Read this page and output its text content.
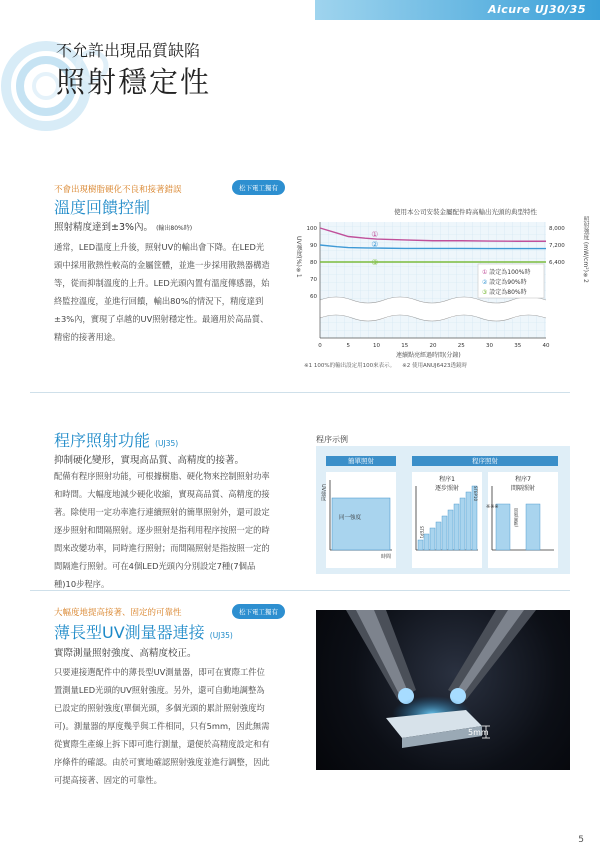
Aicure UJ30/35
不允許出現品質缺陷
照射穩定性
不會出現樹脂硬化不良和接著錯誤	松下電工獨有
溫度回饋控制
照射精度達到±3%內。 (輸出80%時)
通常，LED溫度上升後，照射UV的輸出會下降。在LED光頭中採用散熱性較高的金屬筐體，並進一步採用散熱器構造等，從而抑制溫度的上升。LED光頭內置有溫度傳感器，始終監控溫度，並進行回饋，輸出80%的情況下，精度達到±3%內，實現了卓越的UV照射穩定性。最適用於高品質、精密的接著用途。
使用本公司安裝金屬配件時高輸出光頭的典型特性
①
②
③
0	5	10	15	20	25	30	35	40
60
70
80
90
100	8,000
7,200
6,400
① 設定為100%時
② 設定為90%時
③ 設定為80%時
UV強度(%)※1
照射強度 (mW/cm²)※2
連續點亮經過時間(分鐘)
※1 100%的輸出設定用100來表示。 ※2 使用ANUJ6423透鏡時
程序照射功能 (UJ35)
抑制硬化變形，實現高品質、高精度的接著。
配備有程序照射功能，可根據樹脂、硬化物來控制照射功率和時間。大幅度地減少硬化收縮，實現高品質、高精度的接著。除使用一定功率進行連續照射的簡單照射外，還可設定逐步照射和間隔照射。逐步照射是指利用程序按照一定的時間來改變功率，同時進行照射；而間隔照射是指按照一定的間隔進行照射。可在4個LED光頭內分別設定7種(7個品種)10步程序。
程序示例
簡單照射	程序照射
程序1
逐步照射
程序7
間隔照射
UV強度
時間
同一強度
STEP1
STEP10
※※※
間隔(關斷)
大幅度地提高接著、固定的可靠性	松下電工獨有
薄長型UV測量器連接 (UJ35)
實際測量照射強度、高精度校正。
只要連接選配件中的薄長型UV測量器，即可在實際工件位置測量LED光頭的UV照射強度。另外，還可自動地調整為已設定的照射強度(單個光頭，多個光頭的累計照射強度均可)。測量器的厚度幾乎與工件相同，只有5mm，因此無需從實際生產線上拆下即可進行測量，還便於高精度設定和有序條件的確認。由於可實地確認照射強度並進行調整，因此可提高接著、固定的可靠性。
5mm
5
